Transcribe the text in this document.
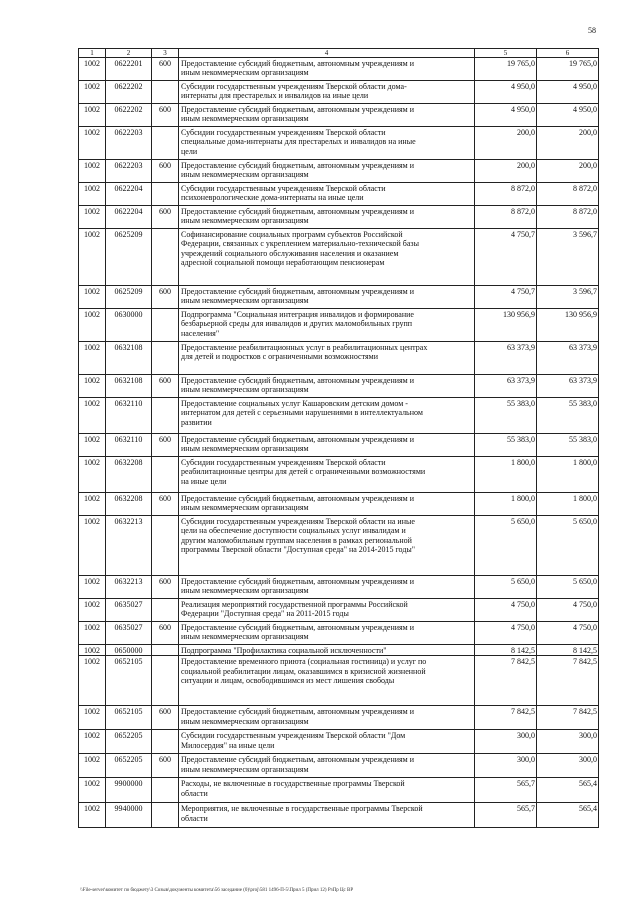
58
1	2	3	4	5	6
1002	0622201	600	Предоставление субсидий бюджетным, автономным учреждениям и
иным некоммерческим организациям	19 765,0	19 765,0
1002	0622202		Субсидии государственным учреждениям Тверской области дома-
интернаты для престарелых и инвалидов на иные цели	4 950,0	4 950,0
1002	0622202	600	Предоставление субсидий бюджетным, автономным учреждениям и
иным некоммерческим организациям	4 950,0	4 950,0
1002	0622203		Субсидии государственным учреждениям Тверской области
специальные дома-интернаты для престарелых и инвалидов на иные
цели	200,0	200,0
1002	0622203	600	Предоставление субсидий бюджетным, автономным учреждениям и
иным некоммерческим организациям	200,0	200,0
1002	0622204		Субсидии государственным учреждениям Тверской области
психоневрологические дома-интернаты на иные цели	8 872,0	8 872,0
1002	0622204	600	Предоставление субсидий бюджетным, автономным учреждениям и
иным некоммерческим организациям	8 872,0	8 872,0
1002	0625209		Софинансирование социальных программ субъектов Российской
Федерации, связанных с укреплением материально-технической базы
учреждений социального обслуживания населения и оказанием
адресной социальной помощи неработающим пенсионерам	4 750,7	3 596,7
1002	0625209	600	Предоставление субсидий бюджетным, автономным учреждениям и
иным некоммерческим организациям	4 750,7	3 596,7
1002	0630000		Подпрограмма "Социальная интеграция инвалидов и формирование
безбарьерной среды для инвалидов и других маломобильных групп
населения"	130 956,9	130 956,9
1002	0632108		Предоставление реабилитационных услуг в реабилитационных центрах
для детей и подростков с ограниченными возможностями	63 373,9	63 373,9
1002	0632108	600	Предоставление субсидий бюджетным, автономным учреждениям и
иным некоммерческим организациям	63 373,9	63 373,9
1002	0632110		Предоставление социальных услуг Кашаровским детским домом -
интернатом для детей с серьезными нарушениями в интеллектуальном
развитии	55 383,0	55 383,0
1002	0632110	600	Предоставление субсидий бюджетным, автономным учреждениям и
иным некоммерческим организациям	55 383,0	55 383,0
1002	0632208		Субсидии государственным учреждениям Тверской области
реабилитационные центры для детей с ограниченными возможностями
на иные цели	1 800,0	1 800,0
1002	0632208	600	Предоставление субсидий бюджетным, автономным учреждениям и
иным некоммерческим организациям	1 800,0	1 800,0
1002	0632213		Субсидии государственным учреждениям Тверской области на иные
цели на обеспечение доступности социальных услуг инвалидам и
другим маломобильным группам населения в рамках региональной
программы Тверской области "Доступная среда" на 2014-2015 годы"	5 650,0	5 650,0
1002	0632213	600	Предоставление субсидий бюджетным, автономным учреждениям и
иным некоммерческим организациям	5 650,0	5 650,0
1002	0635027		Реализация мероприятий государственной программы Российской
Федерации "Доступная среда" на 2011-2015 годы	4 750,0	4 750,0
1002	0635027	600	Предоставление субсидий бюджетным, автономным учреждениям и
иным некоммерческим организациям	4 750,0	4 750,0
1002	0650000		Подпрограмма "Профилактика социальной исключенности"	8 142,5	8 142,5
1002	0652105		Предоставление временного приюта (социальная гостиница) и услуг по
социальной реабилитации лицам, оказавшимся в кризисной жизненной
ситуации и лицам, освободившимся из мест лишения свободы	7 842,5	7 842,5
1002	0652105	600	Предоставление субсидий бюджетным, автономным учреждениям и
иным некоммерческим организациям	7 842,5	7 842,5
1002	0652205		Субсидии государственным учреждениям Тверской области "Дом
Милосердия" на иные цели	300,0	300,0
1002	0652205	600	Предоставление субсидий бюджетным, автономным учреждениям и
иным некоммерческим организациям	300,0	300,0
1002	9900000		Расходы, не включенные в государственные программы Тверской
области	565,7	565,4
1002	9940000		Мероприятия, не включенные в государственные программы Тверской
области	565,7	565,4
\\File-server\комитет по бюджету\3 Созыв\документы комитета\56 заседание (0)\proj\581 1496-П-5\Прил 5 (Прил 12) РзПр Цс ВР
